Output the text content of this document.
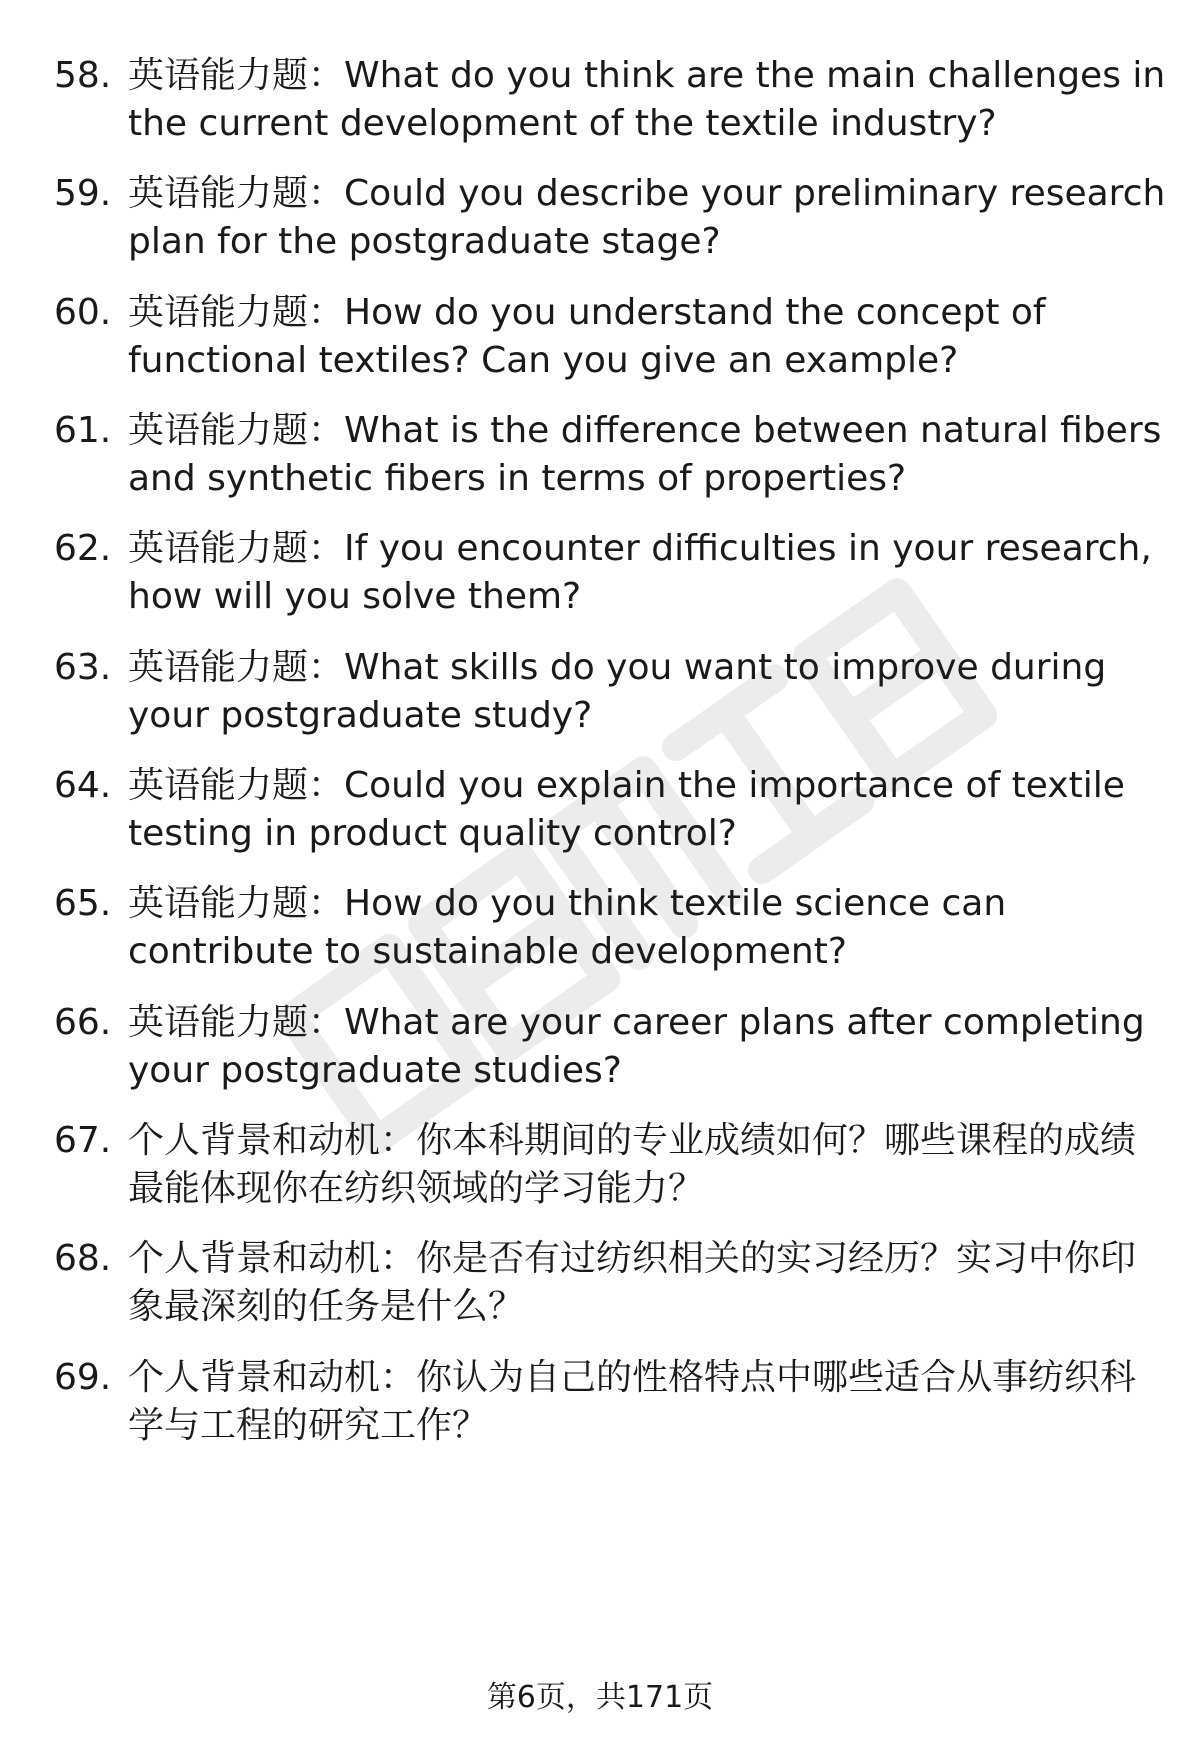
58. 英语能力题：What do you think are the main challenges in
the current development of the textile industry?
59. 英语能力题：Could you describe your preliminary research
plan for the postgraduate stage?
60. 英语能力题：How do you understand the concept of
functional textiles? Can you give an example?
61. 英语能力题：What is the difference between natural fibers
and synthetic fibers in terms of properties?
62. 英语能力题：If you encounter difficulties in your research,
how will you solve them?
63. 英语能力题：What skills do you want to improve during
your postgraduate study?
64. 英语能力题：Could you explain the importance of textile
testing in product quality control?
65. 英语能力题：How do you think textile science can
contribute to sustainable development?
66. 英语能力题：What are your career plans after completing
your postgraduate studies?
67. 个人背景和动机：你本科期间的专业成绩如何？哪些课程的成绩
最能体现你在纺织领域的学习能力？
68. 个人背景和动机：你是否有过纺织相关的实习经历？实习中你印
象最深刻的任务是什么？
69. 个人背景和动机：你认为自己的性格特点中哪些适合从事纺织科
学与工程的研究工作？
第6页，共171页
